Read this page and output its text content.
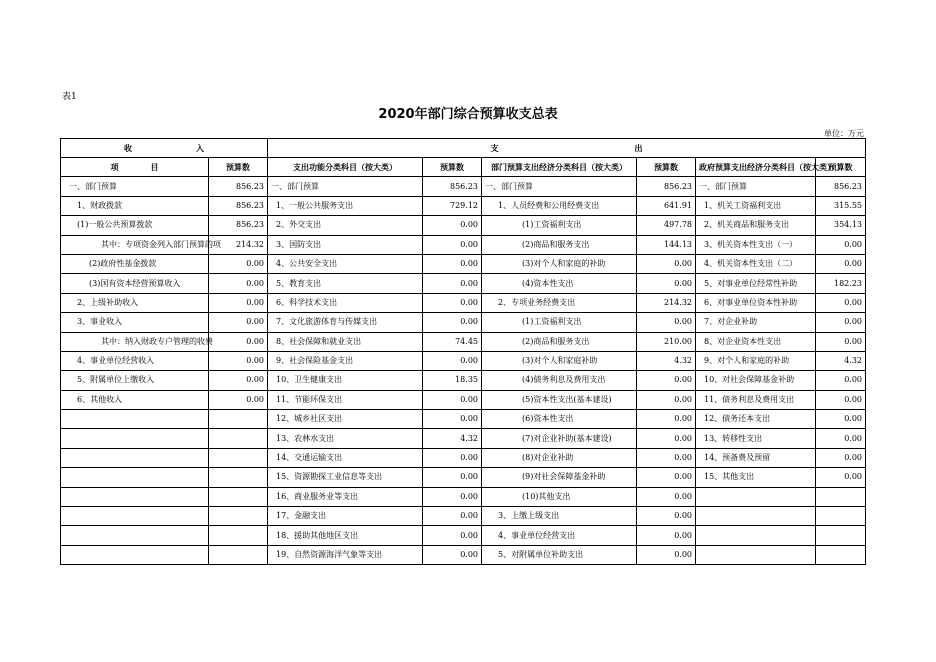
表1
2020年部门综合预算收支总表
单位：万元
收　　　　　　　　入		支　　　　　　　　　　　　　　　　　出					
项　　　　目	预算数	支出功能分类科目（按大类）	预算数	部门预算支出经济分类科目（按大类）	预算数	政府预算支出经济分类科目（按大类）	预算数
一、部门预算	856.23	一、部门预算	856.23	一、部门预算	856.23	一、部门预算	856.23
1、财政拨款	856.23	1、一般公共服务支出	729.12	1、人员经费和公用经费支出	641.91	1、机关工资福利支出	315.55
(1)一般公共预算拨款	856.23	2、外交支出	0.00	(1)工资福利支出	497.78	2、机关商品和服务支出	354.13
其中：专项资金列入部门预算的项	214.32	3、国防支出	0.00	(2)商品和服务支出	144.13	3、机关资本性支出（一）	0.00
(2)政府性基金拨款	0.00	4、公共安全支出	0.00	(3)对个人和家庭的补助	0.00	4、机关资本性支出（二）	0.00
(3)国有资本经营预算收入	0.00	5、教育支出	0.00	(4)资本性支出	0.00	5、对事业单位经常性补助	182.23
2、上级补助收入	0.00	6、科学技术支出	0.00	2、专项业务经费支出	214.32	6、对事业单位资本性补助	0.00
3、事业收入	0.00	7、文化旅游体育与传媒支出	0.00	(1)工资福利支出	0.00	7、对企业补助	0.00
其中：纳入财政专户管理的收费	0.00	8、社会保障和就业支出	74.45	(2)商品和服务支出	210.00	8、对企业资本性支出	0.00
4、事业单位经营收入	0.00	9、社会保险基金支出	0.00	(3)对个人和家庭补助	4.32	9、对个人和家庭的补助	4.32
5、附属单位上缴收入	0.00	10、卫生健康支出	18.35	(4)债务利息及费用支出	0.00	10、对社会保障基金补助	0.00
6、其他收入	0.00	11、节能环保支出	0.00	(5)资本性支出(基本建设)	0.00	11、债务利息及费用支出	0.00
		12、城乡社区支出	0.00	(6)资本性支出	0.00	12、债务还本支出	0.00
		13、农林水支出	4.32	(7)对企业补助(基本建设)	0.00	13、转移性支出	0.00
		14、交通运输支出	0.00	(8)对企业补助	0.00	14、预备费及预留	0.00
		15、资源勘探工业信息等支出	0.00	(9)对社会保障基金补助	0.00	15、其他支出	0.00
		16、商业服务业等支出	0.00	(10)其他支出	0.00		
		17、金融支出	0.00	3、上缴上级支出	0.00		
		18、援助其他地区支出	0.00	4、事业单位经营支出	0.00		
		19、自然资源海洋气象等支出	0.00	5、对附属单位补助支出	0.00		
